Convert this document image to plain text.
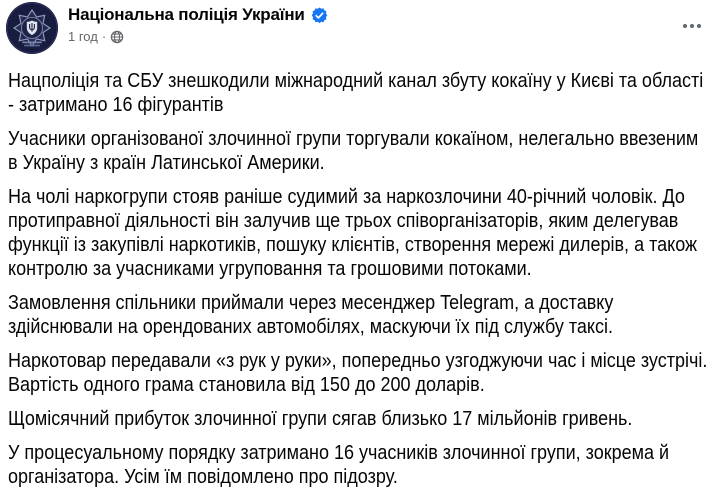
Національна поліція України
1 год ·

Нацполіція та СБУ знешкодили міжнародний канал збуту кокаїну у Києві та області - затримано 16 фігурантів

Учасники організованої злочинної групи торгували кокаїном, нелегально ввезеним в Україну з країн Латинської Америки.

На чолі наркогрупи стояв раніше судимий за наркозлочини 40-річний чоловік. До протиправної діяльності він залучив ще трьох співорганізаторів, яким делегував функції із закупівлі наркотиків, пошуку клієнтів, створення мережі дилерів, а також контролю за учасниками угруповання та грошовими потоками.

Замовлення спільники приймали через месенджер Telegram, а доставку здійснювали на орендованих автомобілях, маскуючи їх під службу таксі.

Наркотовар передавали «з рук у руки», попередньо узгоджуючи час і місце зустрічі. Вартість одного грама становила від 150 до 200 доларів.

Щомісячний прибуток злочинної групи сягав близько 17 мільйонів гривень.

У процесуальному порядку затримано 16 учасників злочинної групи, зокрема й організатора. Усім їм повідомлено про підозру.
